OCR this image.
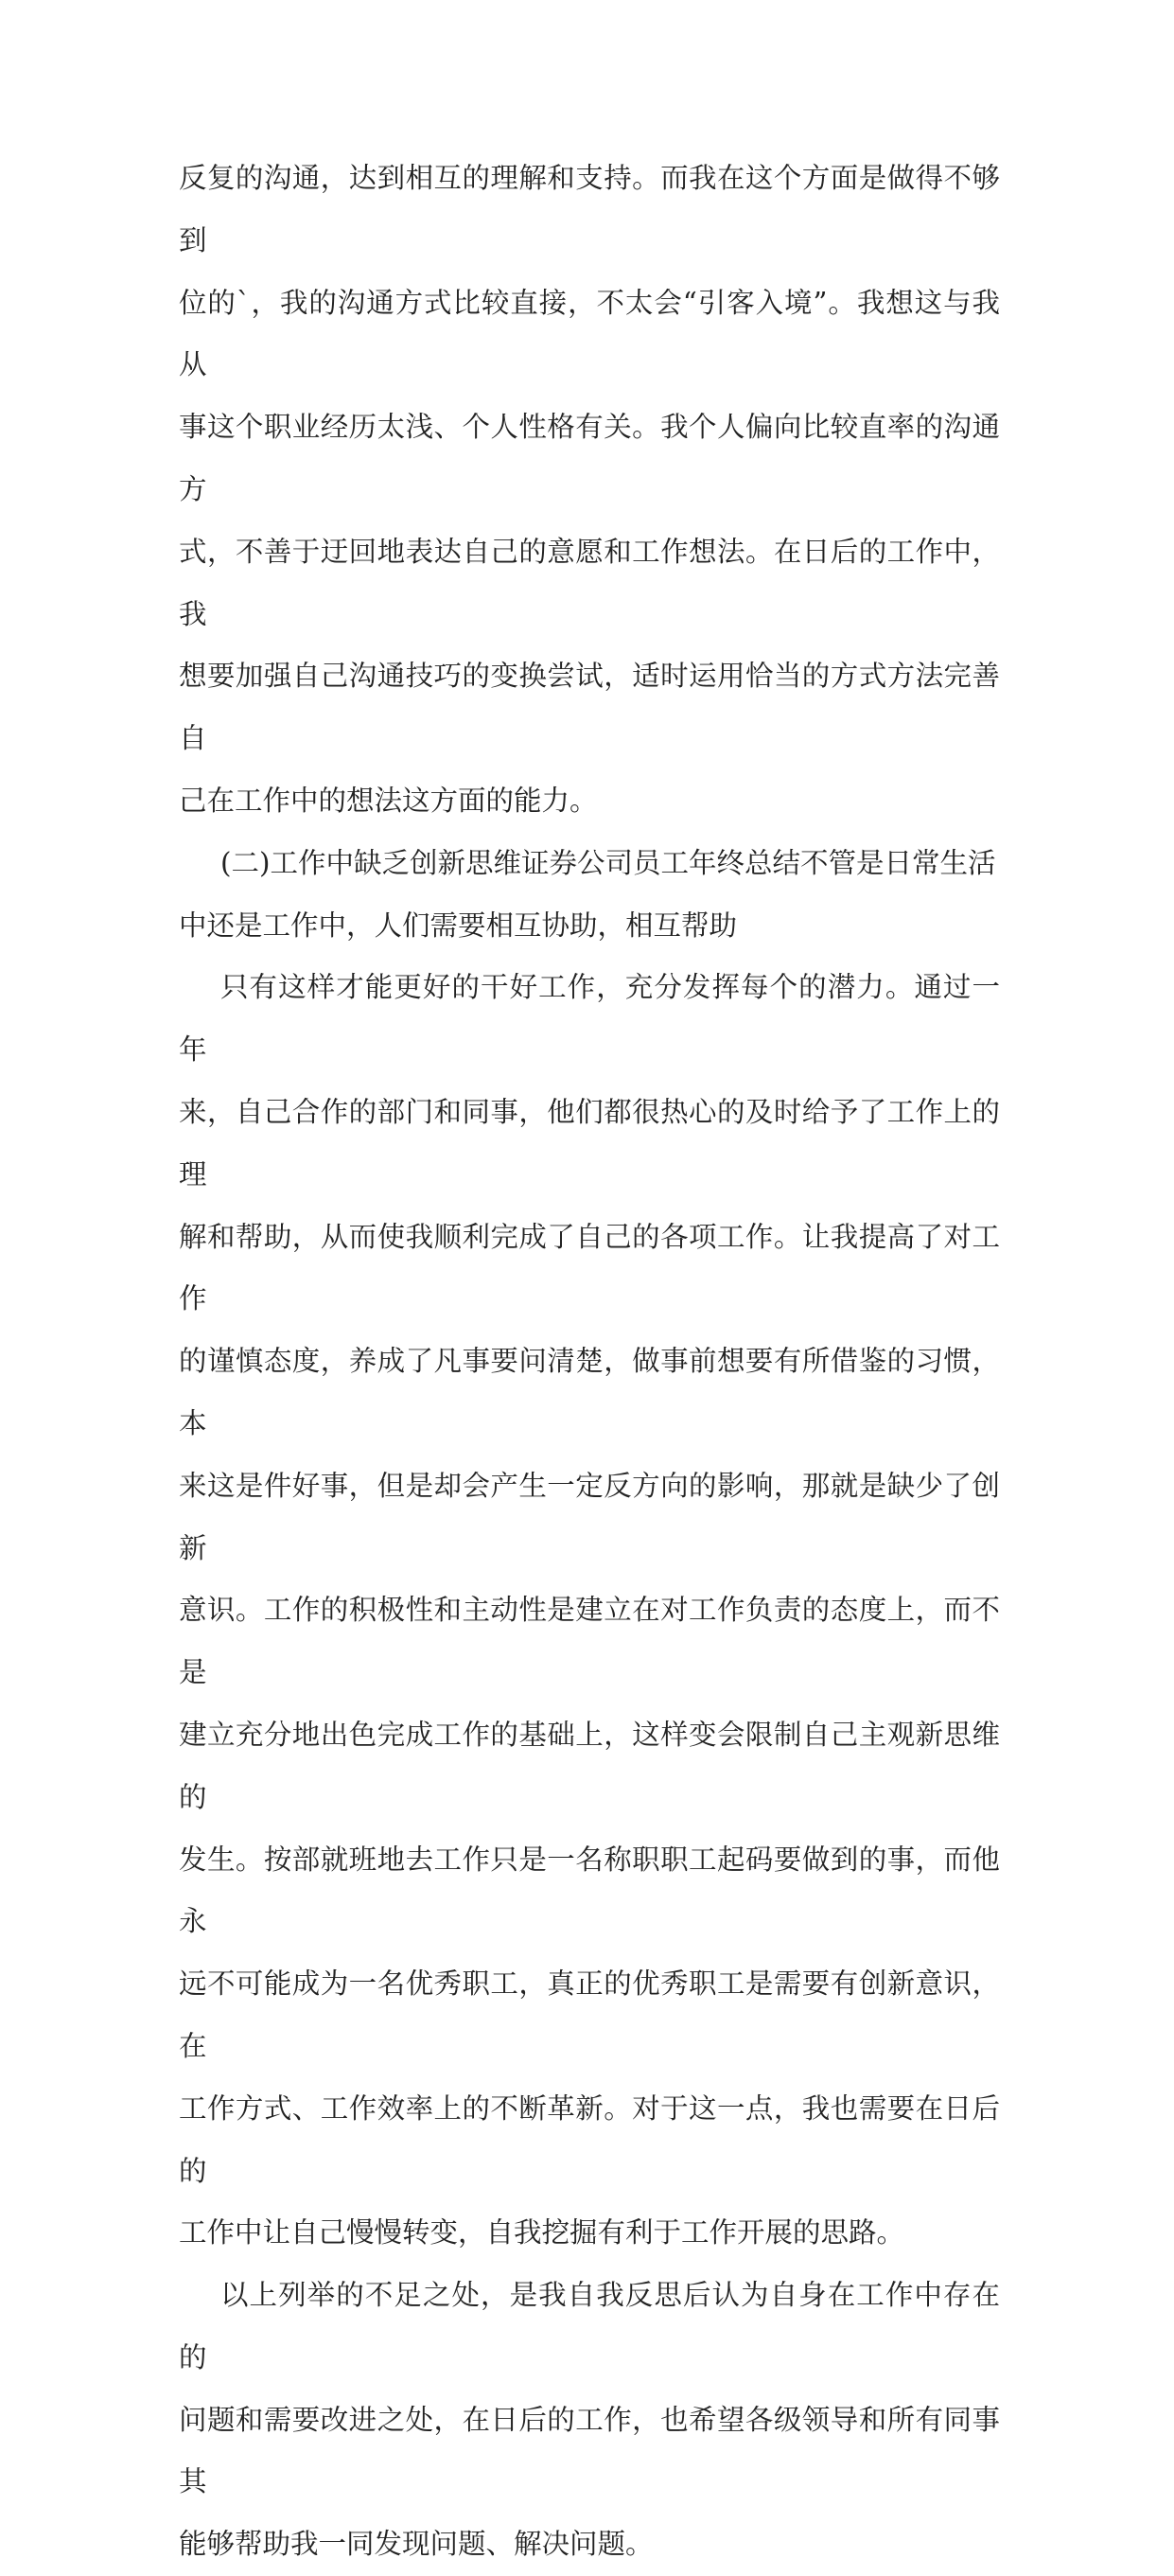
反复的沟通，达到相互的理解和支持。而我在这个方面是做得不够到
位的`，我的沟通方式比较直接，不太会“引客入境”。我想这与我从
事这个职业经历太浅、个人性格有关。我个人偏向比较直率的沟通方
式，不善于迂回地表达自己的意愿和工作想法。在日后的工作中，我
想要加强自己沟通技巧的变换尝试，适时运用恰当的方式方法完善自
己在工作中的想法这方面的能力。

(二)工作中缺乏创新思维证券公司员工年终总结不管是日常生活
中还是工作中，人们需要相互协助，相互帮助

只有这样才能更好的干好工作，充分发挥每个的潜力。通过一年
来，自己合作的部门和同事，他们都很热心的及时给予了工作上的理
解和帮助，从而使我顺利完成了自己的各项工作。让我提高了对工作
的谨慎态度，养成了凡事要问清楚，做事前想要有所借鉴的习惯，本
来这是件好事，但是却会产生一定反方向的影响，那就是缺少了创新
意识。工作的积极性和主动性是建立在对工作负责的态度上，而不是
建立充分地出色完成工作的基础上，这样变会限制自己主观新思维的
发生。按部就班地去工作只是一名称职职工起码要做到的事，而他永
远不可能成为一名优秀职工，真正的优秀职工是需要有创新意识，在
工作方式、工作效率上的不断革新。对于这一点，我也需要在日后的
工作中让自己慢慢转变，自我挖掘有利于工作开展的思路。

以上列举的不足之处，是我自我反思后认为自身在工作中存在的
问题和需要改进之处，在日后的工作，也希望各级领导和所有同事其
能够帮助我一同发现问题、解决问题。
